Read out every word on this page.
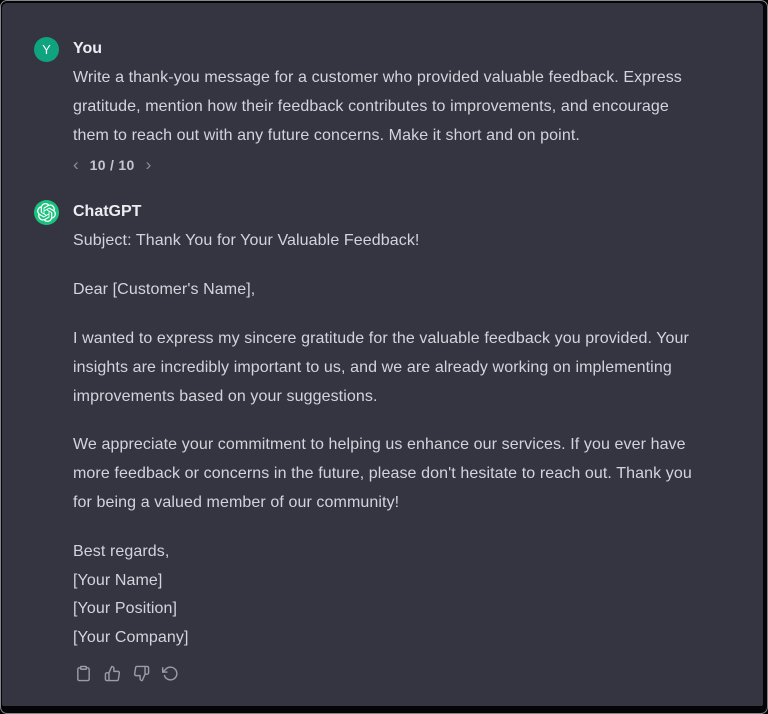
Y You
Write a thank-you message for a customer who provided valuable feedback. Express
gratitude, mention how their feedback contributes to improvements, and encourage
them to reach out with any future concerns. Make it short and on point.
‹ 10 / 10 ›
ChatGPT
Subject: Thank You for Your Valuable Feedback!
Dear [Customer's Name],
I wanted to express my sincere gratitude for the valuable feedback you provided. Your
insights are incredibly important to us, and we are already working on implementing
improvements based on your suggestions.
We appreciate your commitment to helping us enhance our services. If you ever have
more feedback or concerns in the future, please don't hesitate to reach out. Thank you
for being a valued member of our community!
Best regards,
[Your Name]
[Your Position]
[Your Company]
